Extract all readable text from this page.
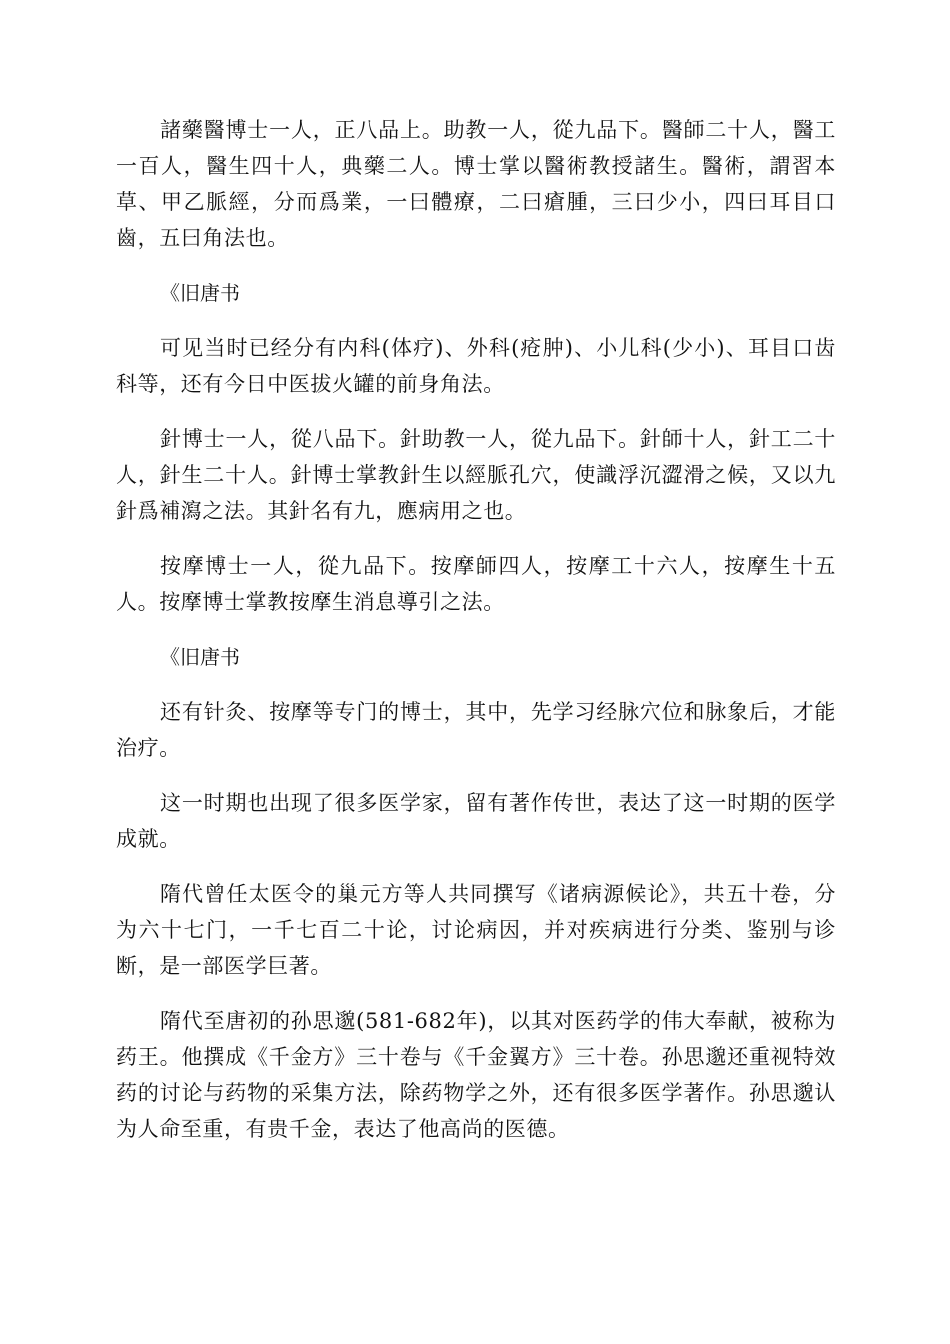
諸藥醫博士一人，正八品上。助教一人，從九品下。醫師二十人，醫工一百人，醫生四十人，典藥二人。博士掌以醫術教授諸生。醫術，謂習本草、甲乙脈經，分而爲業，一曰體療，二曰瘡腫，三曰少小，四曰耳目口齒，五曰角法也。

《旧唐书

可见当时已经分有内科(体疗)、外科(疮肿)、小儿科(少小)、耳目口齿科等，还有今日中医拔火罐的前身角法。

針博士一人，從八品下。針助教一人，從九品下。針師十人，針工二十人，針生二十人。針博士掌教針生以經脈孔穴，使識浮沉澀滑之候，又以九針爲補瀉之法。其針名有九，應病用之也。

按摩博士一人，從九品下。按摩師四人，按摩工十六人，按摩生十五人。按摩博士掌教按摩生消息導引之法。

《旧唐书

还有针灸、按摩等专门的博士，其中，先学习经脉穴位和脉象后，才能治疗。

这一时期也出现了很多医学家，留有著作传世，表达了这一时期的医学成就。

隋代曾任太医令的巢元方等人共同撰写《诸病源候论》，共五十卷，分为六十七门，一千七百二十论，讨论病因，并对疾病进行分类、鉴别与诊断，是一部医学巨著。

隋代至唐初的孙思邈(581-682年)，以其对医药学的伟大奉献，被称为药王。他撰成《千金方》三十卷与《千金翼方》三十卷。孙思邈还重视特效药的讨论与药物的采集方法，除药物学之外，还有很多医学著作。孙思邈认为人命至重，有贵千金，表达了他高尚的医德。
